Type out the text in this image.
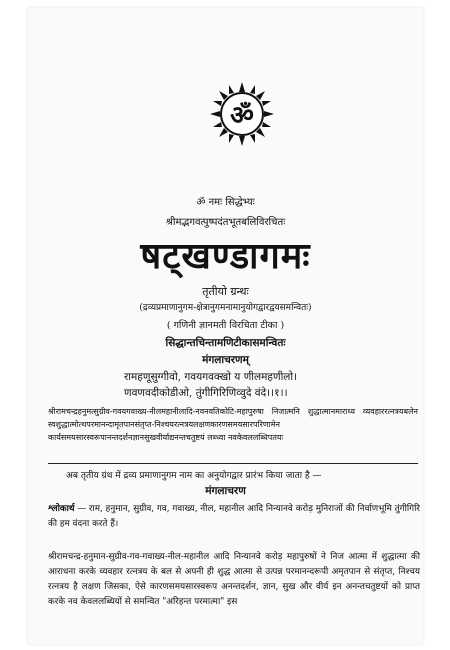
ॐ
ॐ नमः सिद्धेभ्यः
श्रीमद्भगवत्पुष्पदंतभूतबलिविरचितः
षट्खण्डागमः
तृतीयो ग्रन्थः
(द्रव्यप्रमाणानुगम-क्षेत्रानुगमनामानुयोगद्वारद्वयसमन्वितः)
( गणिनी ज्ञानमती विरचिता टीका )
सिद्धान्तचिन्तामणिटीकासमन्वितः
मंगलाचरणम्
रामहणूसुग्गीवो, गवयगवक्खो य णीलमहणीलो।
णवणवदीकोडीओ, तुंगीगिरिणिव्वुदे वंदे।।१।।
श्रीरामचन्द्रहनुमत्सुग्रीव-गवयगवाख्य-नीलमहानीलादि-नवनवतिकोटि-महापुरुषा निजात्मनि शुद्धात्मानमाराध्य व्यवहाररत्नत्रयबलेन स्वशुद्धात्मोत्थपरमानन्दामृतपानसंतृप्त-निश्चयरत्नत्रयलक्षणकारणसमयसारपरिणामेन कार्यसमयसारस्वरूपानन्तदर्शनज्ञानसुखवीर्याद्यनन्तचतुष्टयं लब्ध्वा नवकेवललब्धिपतयः
अब तृतीय ग्रंथ में द्रव्य प्रमाणानुगम नाम का अनुयोगद्वार प्रारंभ किया जाता है —
मंगलाचरण
श्लोकार्थ — राम, हनुमान, सुग्रीव, गव, गवाख्य, नील, महानील आदि निन्यानवे करोड़ मुनिराजों की निर्वाणभूमि तुंगीगिरि की हम वंदना करते हैं।
श्रीरामचन्द्र-हनुमान-सुग्रीव-गव-गवाख्य-नील-महानील आदि निन्यानवे करोड़ महापुरुषों ने निज आत्मा में शुद्धात्मा की आराधना करके व्यवहार रत्नत्रय के बल से अपनी ही शुद्ध आत्मा से उत्पन्न परमानन्दरूपी अमृतपान से संतृप्त, निश्चय रत्नत्रय है लक्षण जिसका, ऐसे कारणसमयसारस्वरूप अनन्तदर्शन, ज्ञान, सुख और वीर्य इन अनन्तचतुष्टयों को प्राप्त करके नव केवललब्धियों से समन्वित "अरिहन्त परमात्मा" इस
